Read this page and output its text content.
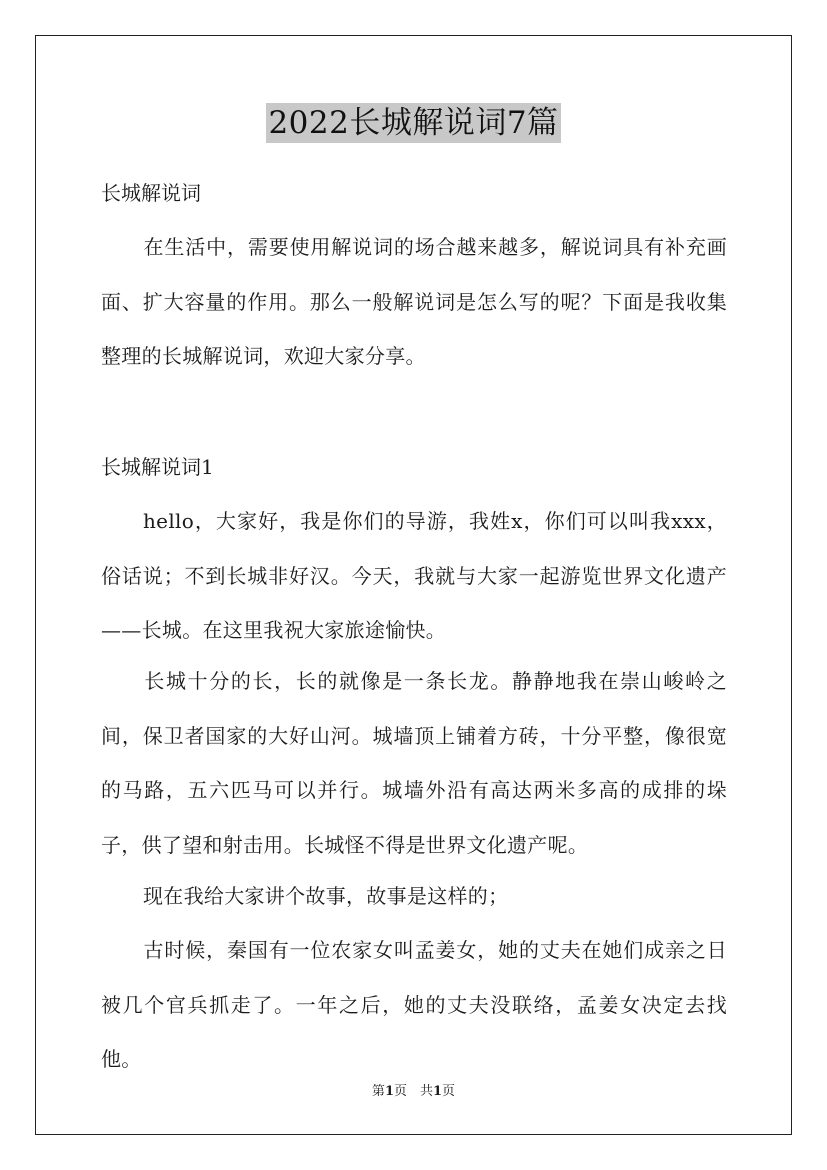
2022长城解说词7篇
长城解说词

在生活中，需要使用解说词的场合越来越多，解说词具有补充画面、扩大容量的作用。那么一般解说词是怎么写的呢？下面是我收集整理的长城解说词，欢迎大家分享。

长城解说词1

hello，大家好，我是你们的导游，我姓x，你们可以叫我xxx，俗话说；不到长城非好汉。今天，我就与大家一起游览世界文化遗产——长城。在这里我祝大家旅途愉快。

长城十分的长，长的就像是一条长龙。静静地我在崇山峻岭之间，保卫者国家的大好山河。城墙顶上铺着方砖，十分平整，像很宽的马路，五六匹马可以并行。城墙外沿有高达两米多高的成排的垛子，供了望和射击用。长城怪不得是世界文化遗产呢。

现在我给大家讲个故事，故事是这样的；

古时候，秦国有一位农家女叫孟姜女，她的丈夫在她们成亲之日被几个官兵抓走了。一年之后，她的丈夫没联络，孟姜女决定去找他。

第1页　共1页
